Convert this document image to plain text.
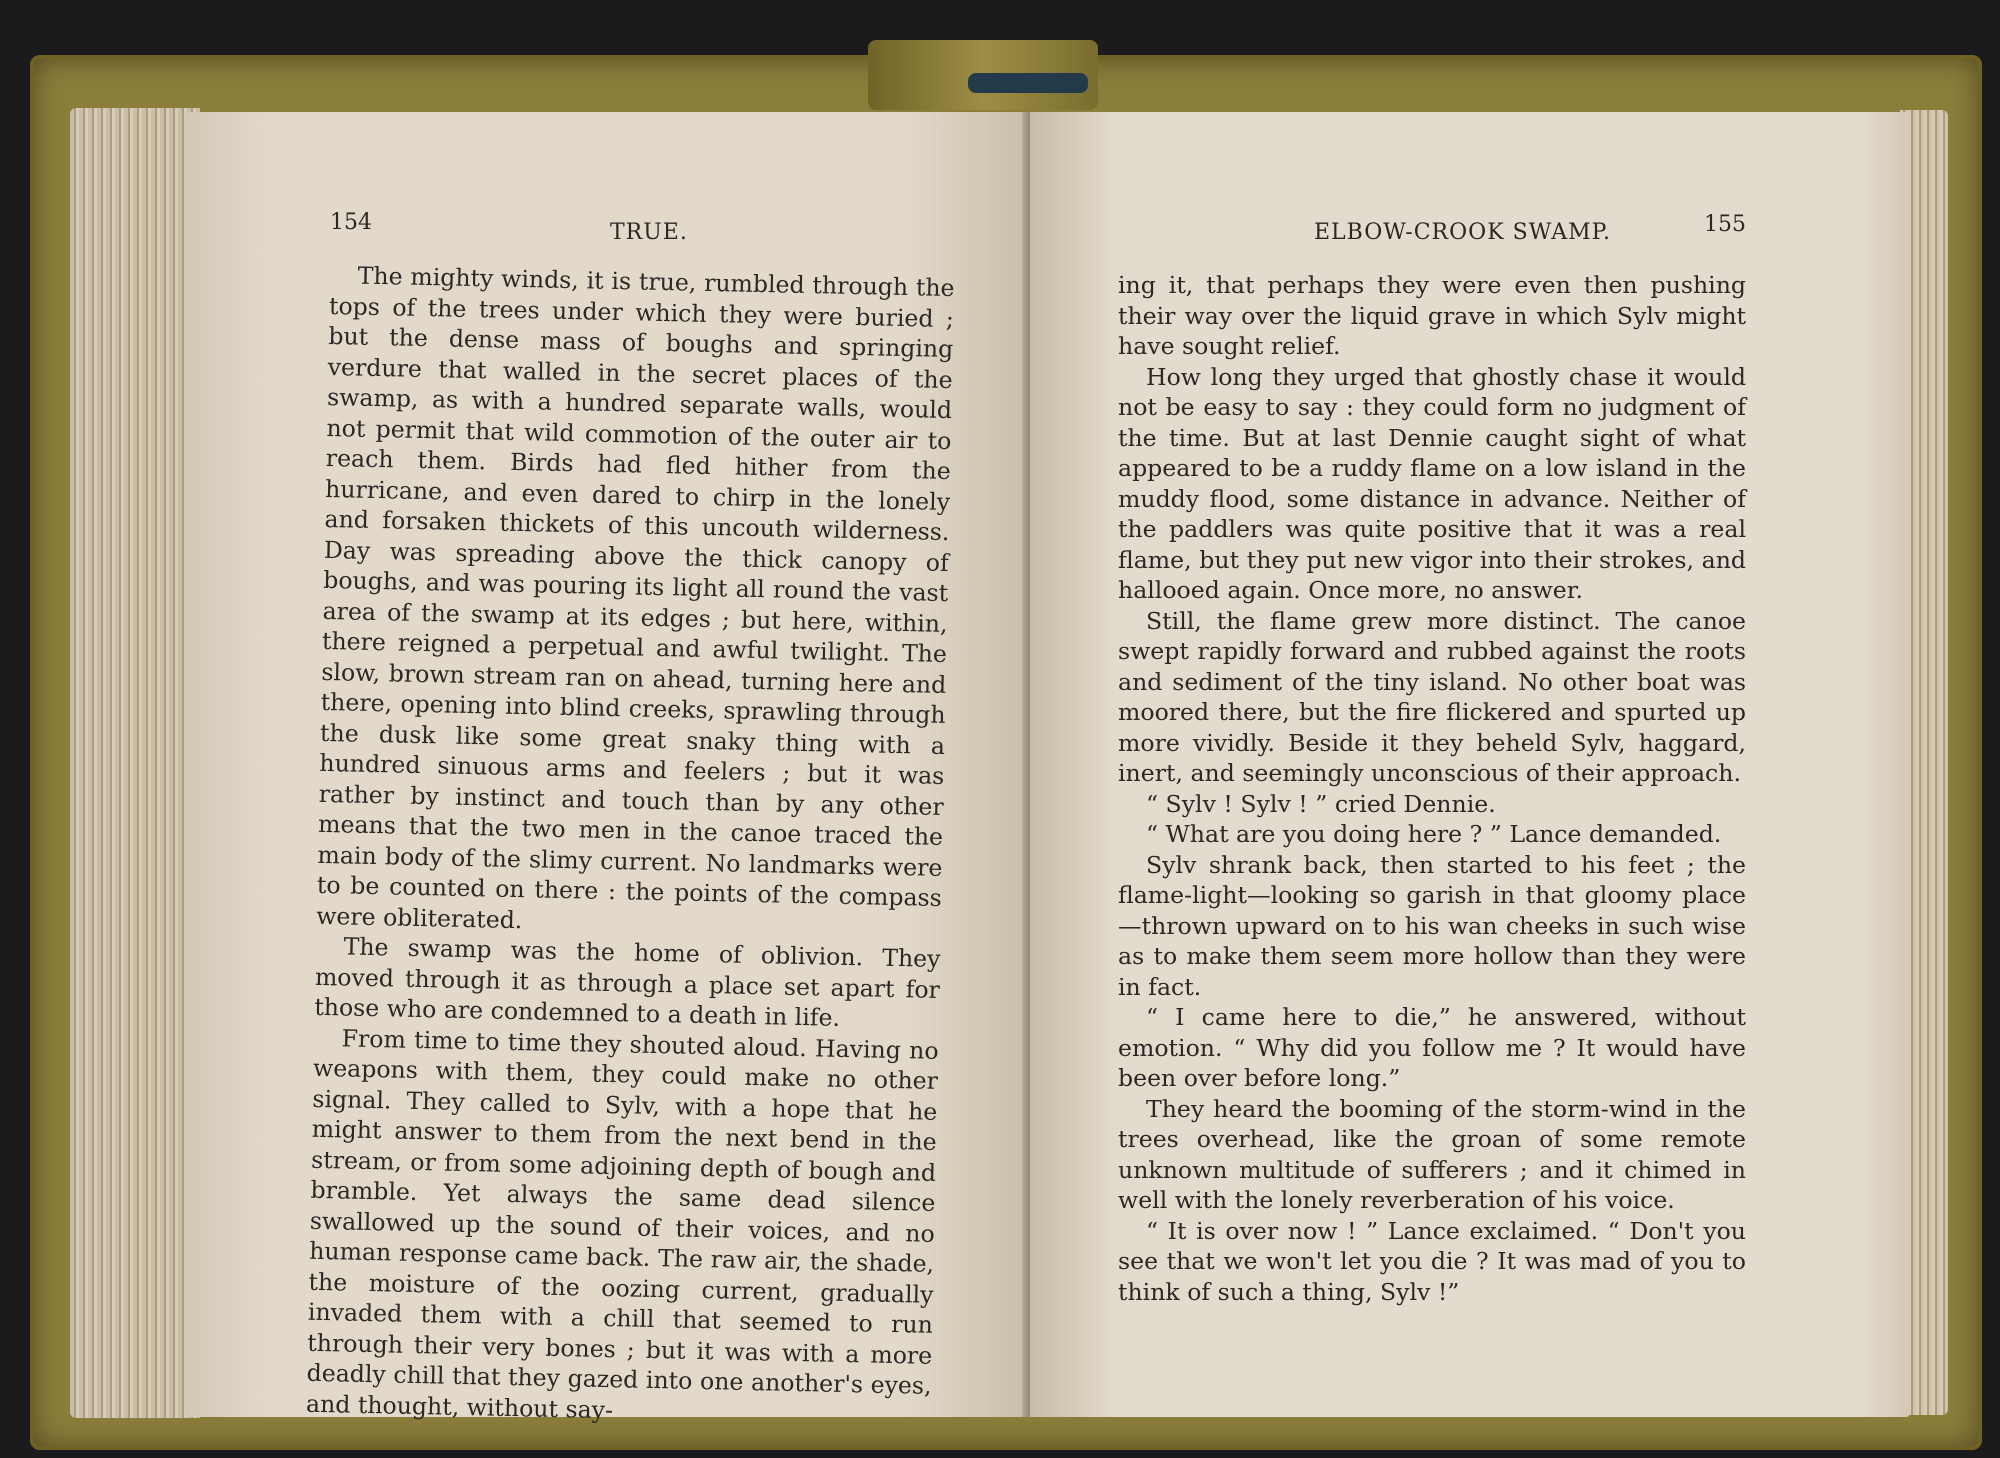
154	TRUE.

The mighty winds, it is true, rumbled through the tops of the trees under which they were buried ; but the dense mass of boughs and springing verdure that walled in the secret places of the swamp, as with a hundred separate walls, would not permit that wild commotion of the outer air to reach them. Birds had fled hither from the hurricane, and even dared to chirp in the lonely and forsaken thickets of this uncouth wilderness. Day was spreading above the thick canopy of boughs, and was pouring its light all round the vast area of the swamp at its edges ; but here, within, there reigned a perpetual and awful twilight. The slow, brown stream ran on ahead, turning here and there, opening into blind creeks, sprawling through the dusk like some great snaky thing with a hundred sinuous arms and feelers ; but it was rather by instinct and touch than by any other means that the two men in the canoe traced the main body of the slimy current. No landmarks were to be counted on there : the points of the compass were obliterated.

The swamp was the home of oblivion. They moved through it as through a place set apart for those who are condemned to a death in life.

From time to time they shouted aloud. Having no weapons with them, they could make no other signal. They called to Sylv, with a hope that he might answer to them from the next bend in the stream, or from some adjoining depth of bough and bramble. Yet always the same dead silence swallowed up the sound of their voices, and no human response came back. The raw air, the shade, the moisture of the oozing current, gradually invaded them with a chill that seemed to run through their very bones ; but it was with a more deadly chill that they gazed into one another's eyes, and thought, without say-

ELBOW-CROOK SWAMP.	155

ing it, that perhaps they were even then pushing their way over the liquid grave in which Sylv might have sought relief.

How long they urged that ghostly chase it would not be easy to say : they could form no judgment of the time. But at last Dennie caught sight of what appeared to be a ruddy flame on a low island in the muddy flood, some distance in advance. Neither of the paddlers was quite positive that it was a real flame, but they put new vigor into their strokes, and hallooed again. Once more, no answer.

Still, the flame grew more distinct. The canoe swept rapidly forward and rubbed against the roots and sediment of the tiny island. No other boat was moored there, but the fire flickered and spurted up more vividly. Beside it they beheld Sylv, haggard, inert, and seemingly unconscious of their approach.

“ Sylv ! Sylv ! ” cried Dennie.

“ What are you doing here ? ” Lance demanded.

Sylv shrank back, then started to his feet ; the flame-light—looking so garish in that gloomy place—thrown upward on to his wan cheeks in such wise as to make them seem more hollow than they were in fact.

“ I came here to die,” he answered, without emotion. “ Why did you follow me ? It would have been over before long.”

They heard the booming of the storm-wind in the trees overhead, like the groan of some remote unknown multitude of sufferers ; and it chimed in well with the lonely reverberation of his voice.

“ It is over now ! ” Lance exclaimed. “ Don't you see that we won't let you die ? It was mad of you to think of such a thing, Sylv !”
